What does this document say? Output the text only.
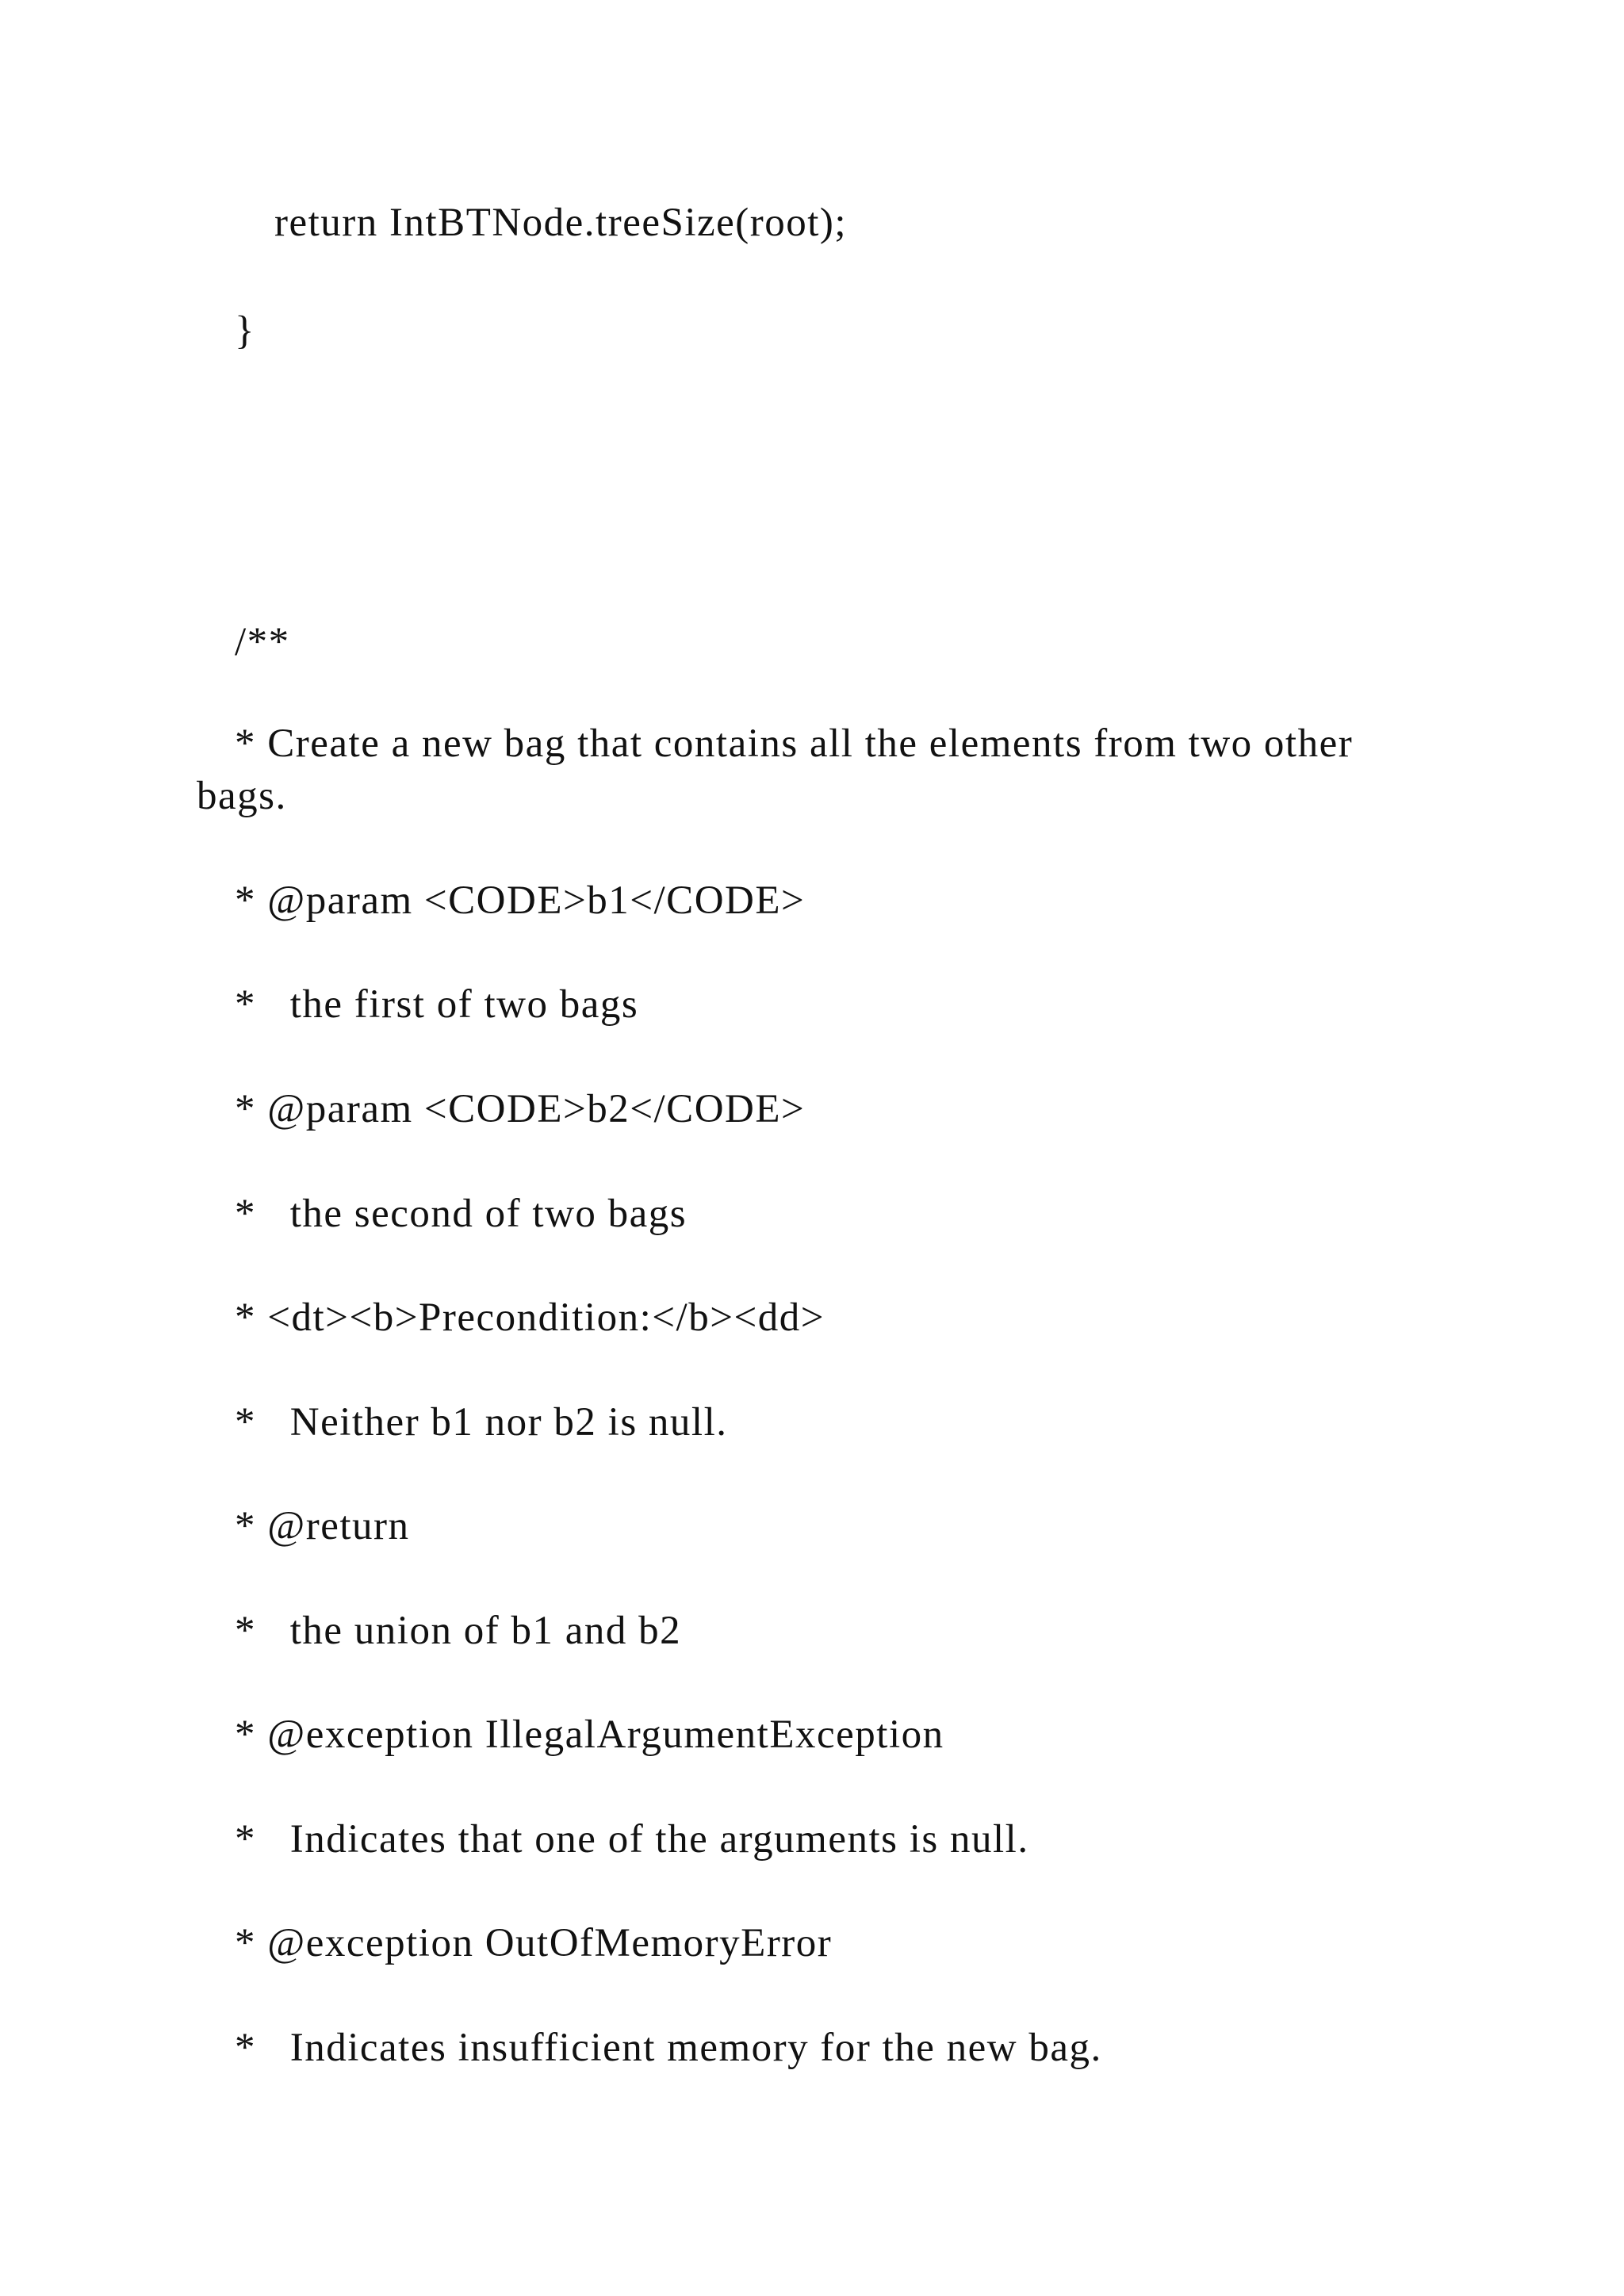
return IntBTNode.treeSize(root);
}
/**
* Create a new bag that contains all the elements from two other bags.
* @param <CODE>b1</CODE>
*   the first of two bags
* @param <CODE>b2</CODE>
*   the second of two bags
* <dt><b>Precondition:</b><dd>
*   Neither b1 nor b2 is null.
* @return
*   the union of b1 and b2
* @exception IllegalArgumentException
*   Indicates that one of the arguments is null.
* @exception OutOfMemoryError
*   Indicates insufficient memory for the new bag.
